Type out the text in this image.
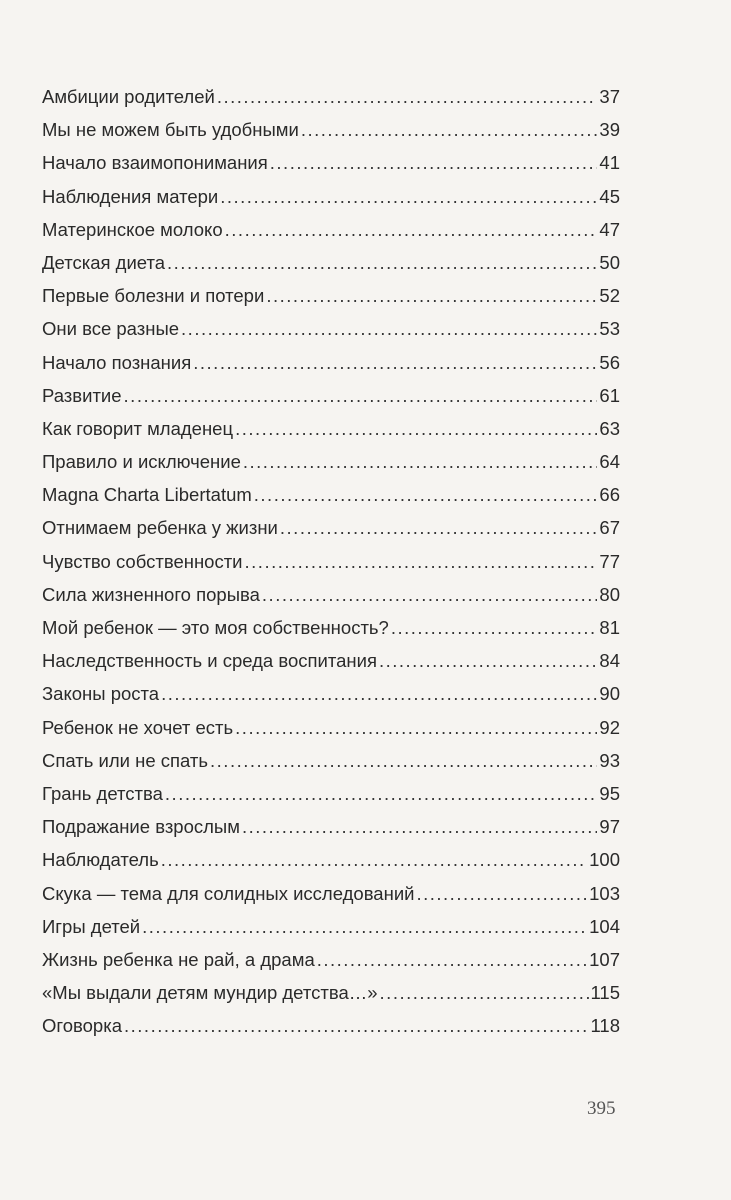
Амбиции родителей .....	37
Мы не можем быть удобными .....	39
Начало взаимопонимания .....	41
Наблюдения матери .....	45
Материнское молоко .....	47
Детская диета .....	50
Первые болезни и потери .....	52
Они все разные .....	53
Начало познания .....	56
Развитие .....	61
Как говорит младенец .....	63
Правило и исключение .....	64
Magna Charta Libertatum .....	66
Отнимаем ребенка у жизни .....	67
Чувство собственности .....	77
Сила жизненного порыва .....	80
Мой ребенок — это моя собственность? .....	81
Наследственность и среда воспитания .....	84
Законы роста .....	90
Ребенок не хочет есть .....	92
Спать или не спать .....	93
Грань детства .....	95
Подражание взрослым .....	97
Наблюдатель .....	100
Скука — тема для солидных исследований .....	103
Игры детей .....	104
Жизнь ребенка не рай, а драма .....	107
«Мы выдали детям мундир детства…» .....	115
Оговорка .....	118
395
